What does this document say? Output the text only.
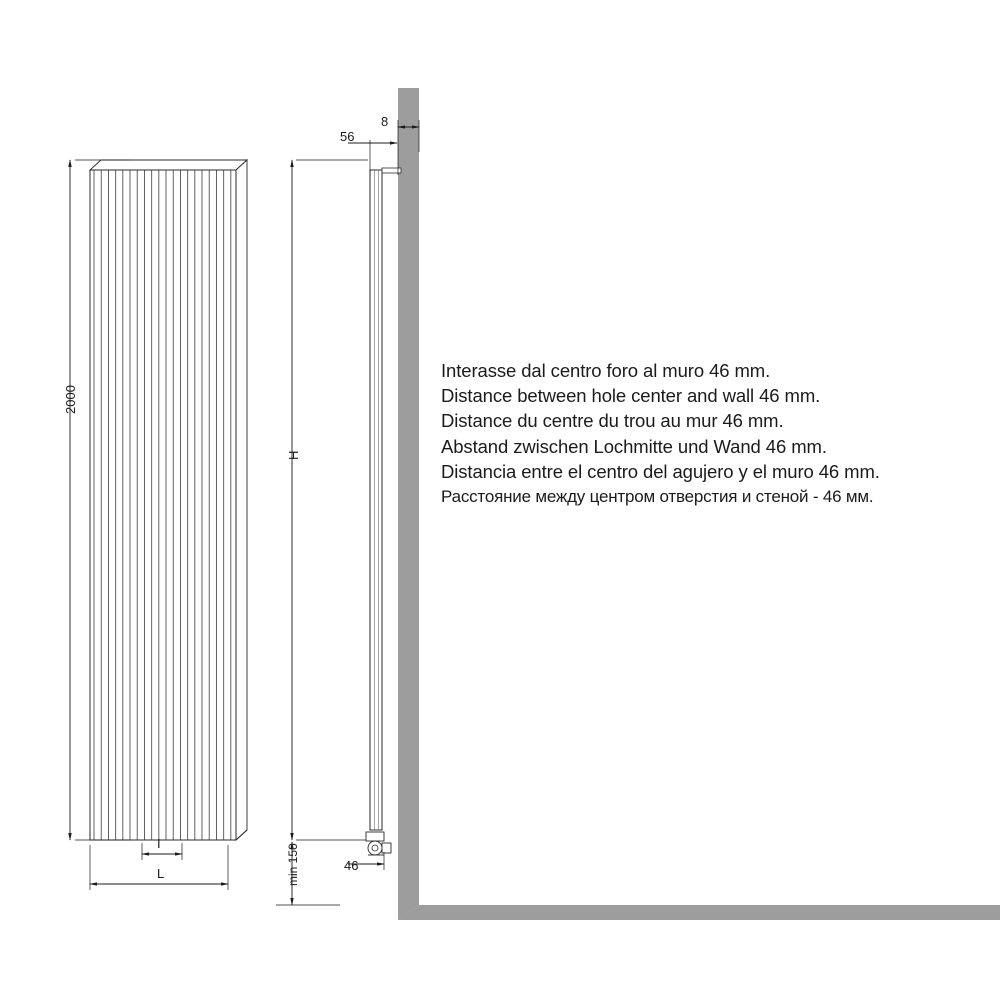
2000
L
I
H
min 150
56
8
46
Interasse dal centro foro al muro 46 mm.
Distance between hole center and wall 46 mm.
Distance du centre du trou au mur 46 mm.
Abstand zwischen Lochmitte und Wand 46 mm.
Distancia entre el centro del agujero y el muro 46 mm.
Расстояние между центром отверстия и стеной - 46 мм.
